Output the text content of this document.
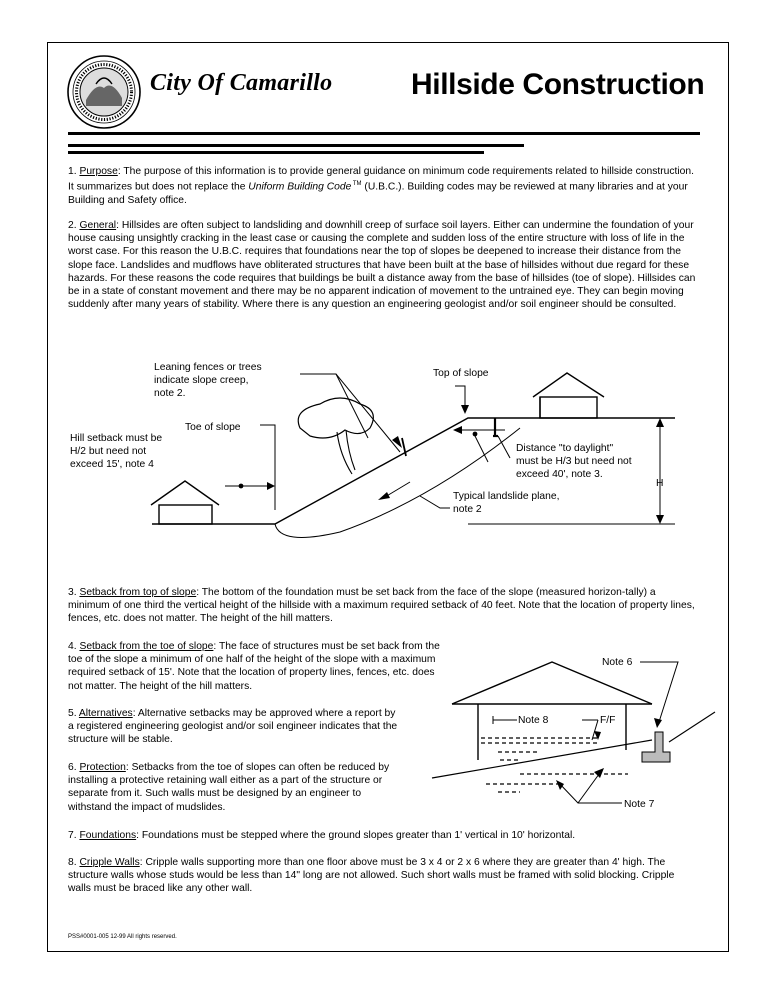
City Of Camarillo	Hillside Construction

1. Purpose: The purpose of this information is to provide general guidance on minimum code requirements related to hillside construction. It summarizes but does not replace the Uniform Building Code ™ (U.B.C.). Building codes may be reviewed at many libraries and at your Building and Safety office.

2. General: Hillsides are often subject to landsliding and downhill creep of surface soil layers. Either can undermine the foundation of your house causing unsightly cracking in the least case or causing the complete and sudden loss of the entire structure with loss of life in the worst case. For this reason the U.B.C. requires that foundations near the top of slopes be deepened to increase their distance from the slope face. Landslides and mudflows have obliterated structures that have been built at the base of hillsides without due regard for these hazards. For these reasons the code requires that buildings be built a distance away from the base of hillsides (toe of slope). Hillsides can be in a state of constant movement and there may be no apparent indication of movement to the untrained eye. They can begin moving suddenly after many years of stability. Where there is any question an engineering geologist and/or soil engineer should be consulted.

Leaning fences or trees
indicate slope creep,
note 2.
Top of slope
Toe of slope
Hill setback must be
H/2 but need not
exceed 15', note 4
Distance "to daylight"
must be H/3 but need not
exceed 40', note 3.
H
Typical landslide plane,
note 2

3. Setback from top of slope: The bottom of the foundation must be set back from the face of the slope (measured horizon-tally) a minimum of one third the vertical height of the hillside with a maximum required setback of 40 feet. Note that the location of property lines, fences, etc. does not matter. The height of the hill matters.

4. Setback from the toe of slope: The face of structures must be set back from the toe of the slope a minimum of one half of the height of the slope with a maximum required setback of 15'. Note that the location of property lines, fences, etc. does not matter. The height of the hill matters.

5. Alternatives: Alternative setbacks may be approved where a report by a registered engineering geologist and/or soil engineer indicates that the structure will be stable.

6. Protection: Setbacks from the toe of slopes can often be reduced by installing a protective retaining wall either as a part of the structure or separate from it. Such walls must be designed by an engineer to withstand the impact of mudslides.

Note 6
Note 8	F/F
Note 7

7. Foundations: Foundations must be stepped where the ground slopes greater than 1' vertical in 10' horizontal.

8. Cripple Walls: Cripple walls supporting more than one floor above must be 3 x 4 or 2 x 6 where they are greater than 4' high. The structure walls whose studs would be less than 14" long are not allowed. Such short walls must be framed with solid blocking. Cripple walls must be braced like any other wall.

PSS#0001-005 12-99 All rights reserved.
